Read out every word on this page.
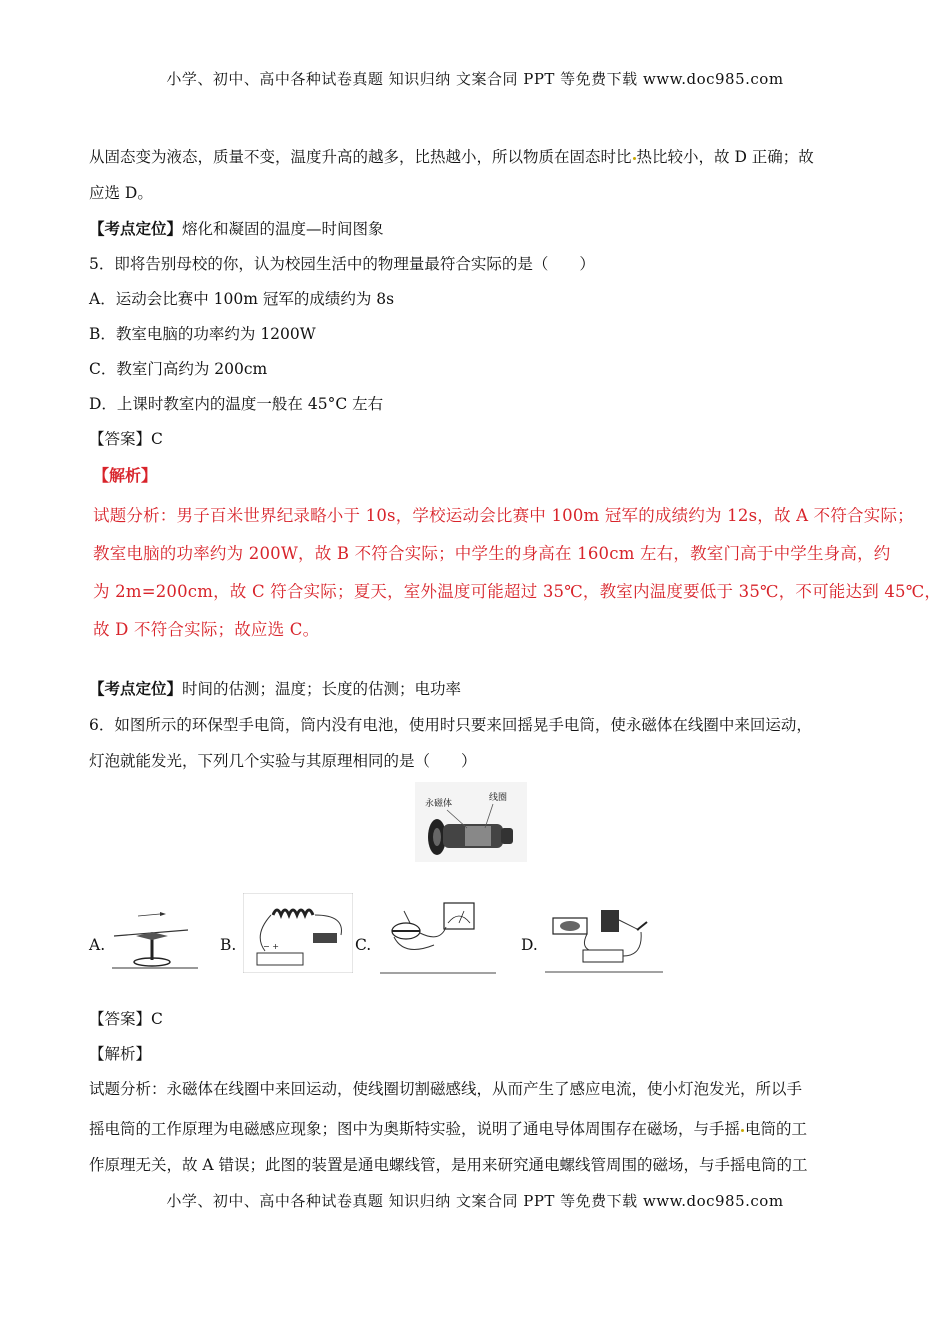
小学、初中、高中各种试卷真题 知识归纳 文案合同 PPT 等免费下载 www.doc985.com
从固态变为液态，质量不变，温度升高的越多，比热越小，所以物质在固态时比 热比较小，故 D 正确；故
应选 D。
【考点定位】熔化和凝固的温度—时间图象
5．即将告别母校的你，认为校园生活中的物理量最符合实际的是（　　）
A．运动会比赛中 100m 冠军的成绩约为 8s
B．教室电脑的功率约为 1200W
C．教室门高约为 200cm
D．上课时教室内的温度一般在 45°C 左右
【答案】C
【解析】
试题分析：男子百米世界纪录略小于 10s，学校运动会比赛中 100m 冠军的成绩约为 12s，故 A 不符合实际；
教室电脑的功率约为 200W，故 B 不符合实际；中学生的身高在 160cm 左右，教室门高于中学生身高，约
为 2m=200cm，故 C 符合实际；夏天，室外温度可能超过 35℃，教室内温度要低于 35℃，不可能达到 45℃，
故 D 不符合实际；故应选 C。
【考点定位】时间的估测；温度；长度的估测；电功率
6．如图所示的环保型手电筒，筒内没有电池，使用时只要来回摇晃手电筒，使永磁体在线圈中来回运动，
灯泡就能发光，下列几个实验与其原理相同的是（　　）
永磁体
线圈
A.	B.	− +	C.	D.
【答案】C
【解析】
试题分析：永磁体在线圈中来回运动，使线圈切割磁感线，从而产生了感应电流，使小灯泡发光，所以手
摇电筒的工作原理为电磁感应现象；图中为奥斯特实验，说明了通电导体周围存在磁场，与手摇 电筒的工
作原理无关，故 A 错误；此图的装置是通电螺线管，是用来研究通电螺线管周围的磁场，与手摇电筒的工
小学、初中、高中各种试卷真题 知识归纳 文案合同 PPT 等免费下载 www.doc985.com
